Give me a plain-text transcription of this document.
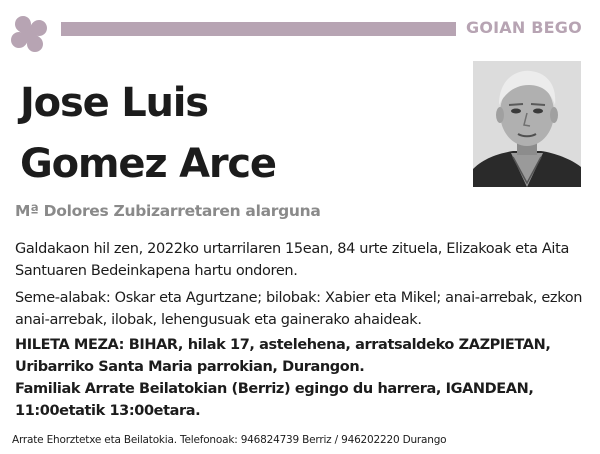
GOIAN BEGO
Jose Luis
Gomez Arce
Mª Dolores Zubizarretaren alarguna
Galdakaon hil zen, 2022ko urtarrilaren 15ean, 84 urte zituela, Elizakoak eta Aita Santuaren Bedeinkapena hartu ondoren.
Seme-alabak: Oskar eta Agurtzane; bilobak: Xabier eta Mikel; anai-arrebak, ezkon anai-arrebak, ilobak, lehengusuak eta gainerako ahaideak.
HILETA MEZA: BIHAR, hilak 17, astelehena, arratsaldeko ZAZPIETAN, Uribarriko Santa Maria parrokian, Durangon.
Familiak Arrate Beilatokian (Berriz) egingo du harrera, IGANDEAN, 11:00etatik 13:00etara.
Arrate Ehorztetxe eta Beilatokia. Telefonoak: 946824739 Berriz / 946202220 Durango
